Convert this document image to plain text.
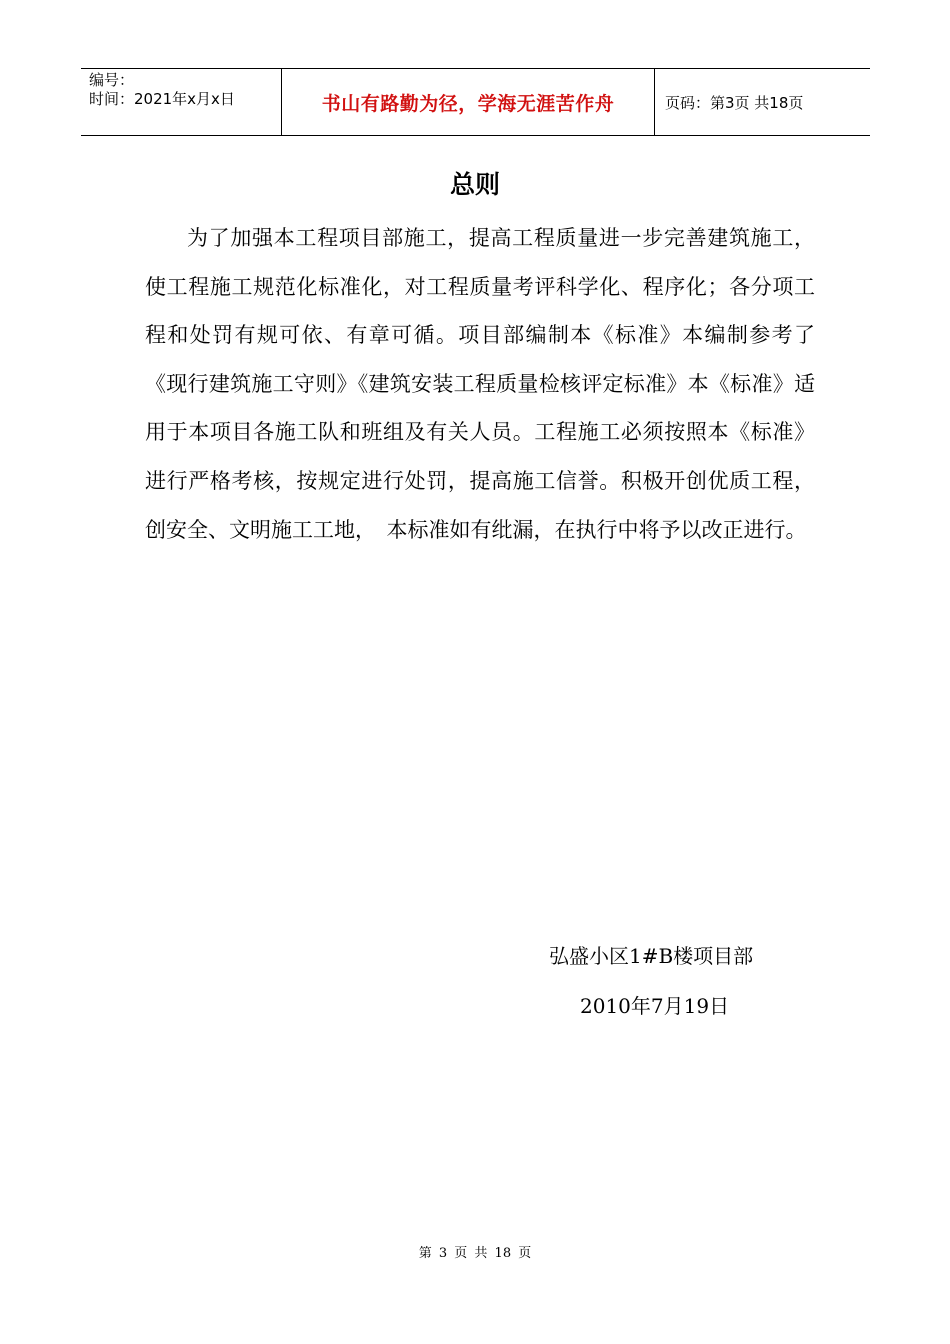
编号：
时间：2021年x月x日	书山有路勤为径，学海无涯苦作舟	页码：第3页 共18页
总则

为了加强本工程项目部施工，提高工程质量进一步完善建筑施工，使工程施工规范化标准化，对工程质量考评科学化、程序化；各分项工程和处罚有规可依、有章可循。项目部编制本《标准》本编制参考了《现行建筑施工守则》《建筑安装工程质量检核评定标准》本《标准》适用于本项目各施工队和班组及有关人员。工程施工必须按照本《标准》进行严格考核，按规定进行处罚，提高施工信誉。积极开创优质工程，创安全、文明施工工地，　本标准如有纰漏，在执行中将予以改正进行。

弘盛小区1#B楼项目部
2010年7月19日
第 3 页 共 18 页
